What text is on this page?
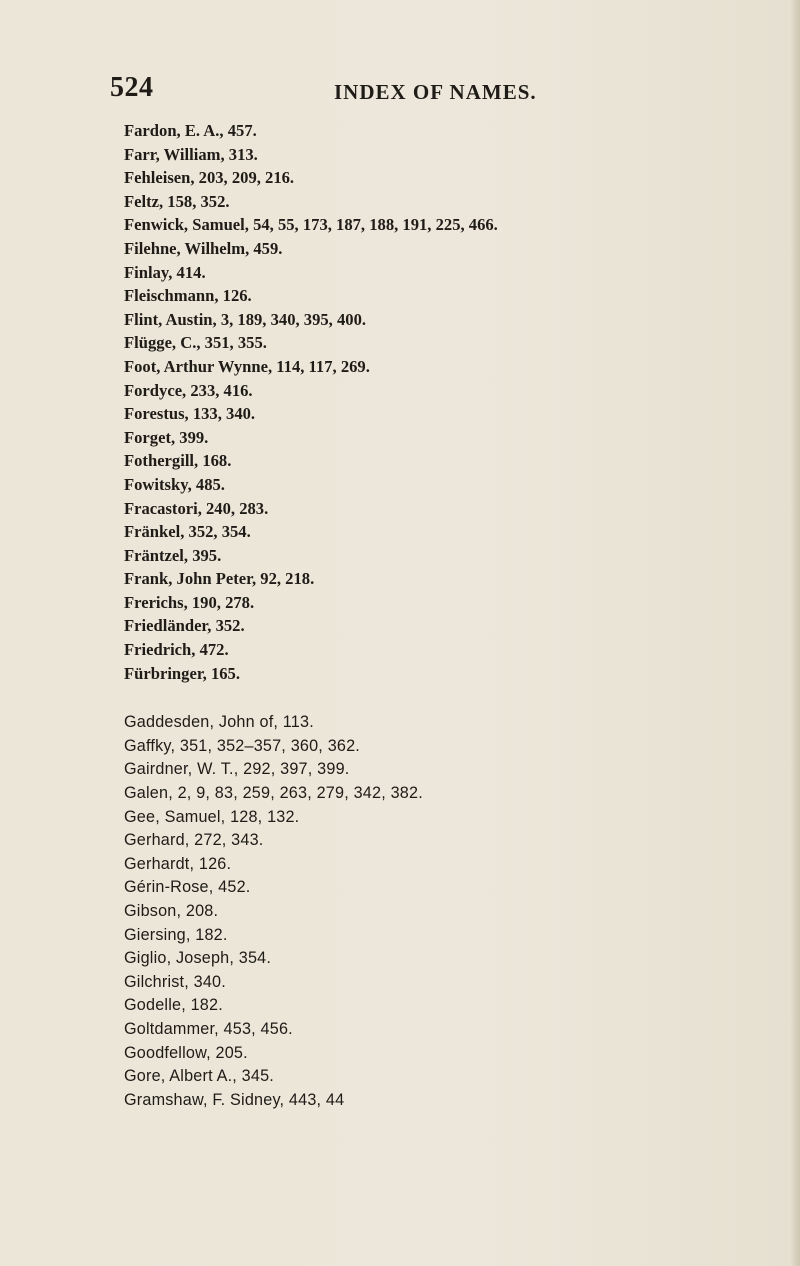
524	INDEX OF NAMES.
Fardon, E. A., 457.
Farr, William, 313.
Fehleisen, 203, 209, 216.
Feltz, 158, 352.
Fenwick, Samuel, 54, 55, 173, 187, 188, 191, 225, 466.
Filehne, Wilhelm, 459.
Finlay, 414.
Fleischmann, 126.
Flint, Austin, 3, 189, 340, 395, 400.
Flügge, C., 351, 355.
Foot, Arthur Wynne, 114, 117, 269.
Fordyce, 233, 416.
Forestus, 133, 340.
Forget, 399.
Fothergill, 168.
Fowitsky, 485.
Fracastori, 240, 283.
Fränkel, 352, 354.
Fräntzel, 395.
Frank, John Peter, 92, 218.
Frerichs, 190, 278.
Friedländer, 352.
Friedrich, 472.
Fürbringer, 165.
Gaddesden, John of, 113.
Gaffky, 351, 352–357, 360, 362.
Gairdner, W. T., 292, 397, 399.
Galen, 2, 9, 83, 259, 263, 279, 342, 382.
Gee, Samuel, 128, 132.
Gerhard, 272, 343.
Gerhardt, 126.
Gérin-Rose, 452.
Gibson, 208.
Giersing, 182.
Giglio, Joseph, 354.
Gilchrist, 340.
Godelle, 182.
Goltdammer, 453, 456.
Goodfellow, 205.
Gore, Albert A., 345.
Gramshaw, F. Sidney, 443, 44
